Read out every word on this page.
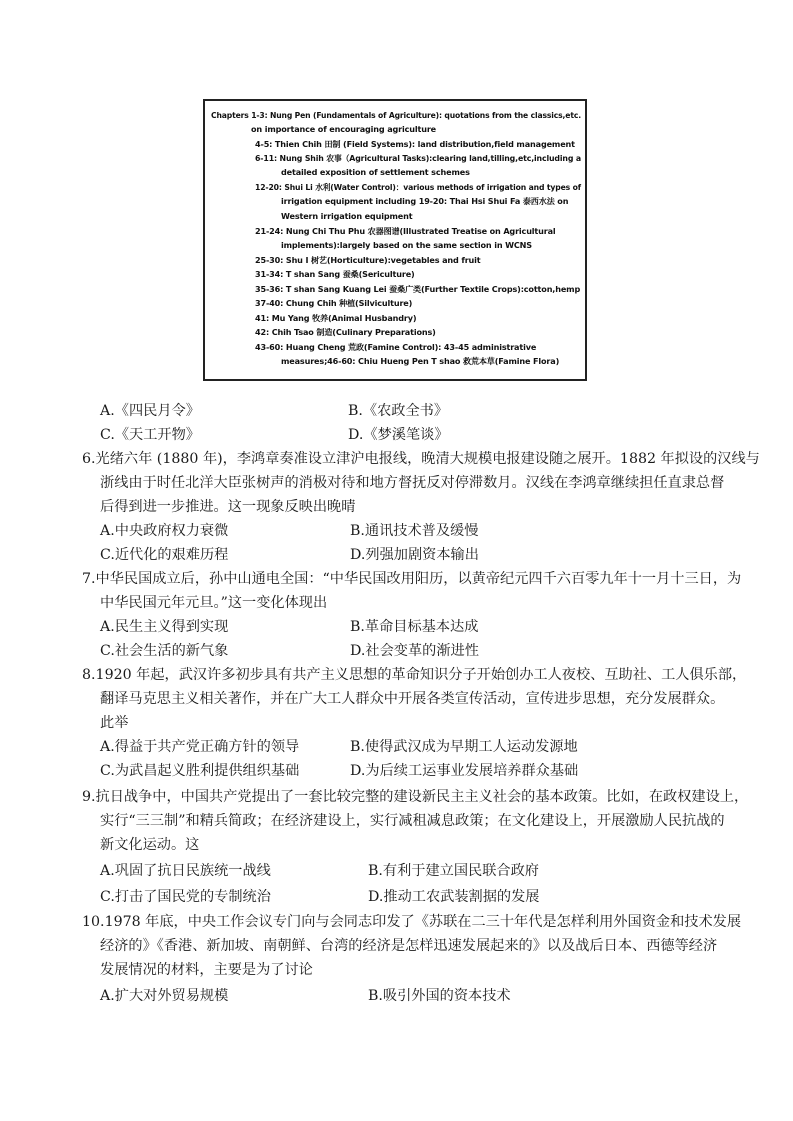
Chapters 1-3: Nung Pen (Fundamentals of Agriculture): quotations from the classics,etc.
on importance of encouraging agriculture
4-5: Thien Chih 田制 (Field Systems): land distribution,field management
6-11: Nung Shih 农事（Agricultural Tasks):clearing land,tilling,etc,including a
detailed exposition of settlement schemes
12-20: Shui Li 水利(Water Control)：various methods of irrigation and types of
irrigation equipment including 19-20: Thai Hsi Shui Fa 泰西水法 on
Western irrigation equipment
21-24: Nung Chi Thu Phu 农器图谱(Illustrated Treatise on Agricultural
implements):largely based on the same section in WCNS
25-30: Shu I 树艺(Horticulture):vegetables and fruit
31-34: T shan Sang 蚕桑(Sericulture)
35-36: T shan Sang Kuang Lei 蚕桑广类(Further Textile Crops):cotton,hemp
37-40: Chung Chih 种植(Silviculture)
41: Mu Yang 牧养(Animal Husbandry)
42: Chih Tsao 制造(Culinary Preparations)
43-60: Huang Cheng 荒政(Famine Control): 43-45 administrative
measures;46-60: Chiu Hueng Pen T shao 救荒本草(Famine Flora)
A.《四民月令》	B.《农政全书》
C.《天工开物》	D.《梦溪笔谈》
6.光绪六年 (1880 年)，李鸿章奏准设立津沪电报线，晚清大规模电报建设随之展开。1882 年拟设的汉线与
浙线由于时任北洋大臣张树声的消极对待和地方督抚反对停滞数月。汉线在李鸿章继续担任直隶总督
后得到进一步推进。这一现象反映出晚晴
A.中央政府权力衰微	B.通讯技术普及缓慢
C.近代化的艰难历程	D.列强加剧资本输出
7.中华民国成立后，孙中山通电全国：“中华民国改用阳历，以黄帝纪元四千六百零九年十一月十三日，为
中华民国元年元旦。”这一变化体现出
A.民生主义得到实现	B.革命目标基本达成
C.社会生活的新气象	D.社会变革的渐进性
8.1920 年起，武汉许多初步具有共产主义思想的革命知识分子开始创办工人夜校、互助社、工人俱乐部，
翻译马克思主义相关著作，并在广大工人群众中开展各类宣传活动，宣传进步思想，充分发展群众。
此举
A.得益于共产党正确方针的领导	B.使得武汉成为早期工人运动发源地
C.为武昌起义胜利提供组织基础	D.为后续工运事业发展培养群众基础
9.抗日战争中，中国共产党提出了一套比较完整的建设新民主主义社会的基本政策。比如，在政权建设上，
实行“三三制”和精兵简政；在经济建设上，实行减租减息政策；在文化建设上，开展激励人民抗战的
新文化运动。这
A.巩固了抗日民族统一战线	B.有利于建立国民联合政府
C.打击了国民党的专制统治	D.推动工农武装割据的发展
10.1978 年底，中央工作会议专门向与会同志印发了《苏联在二三十年代是怎样利用外国资金和技术发展
经济的》《香港、新加坡、南朝鲜、台湾的经济是怎样迅速发展起来的》以及战后日本、西德等经济
发展情况的材料，主要是为了讨论
A.扩大对外贸易规模	B.吸引外国的资本技术
